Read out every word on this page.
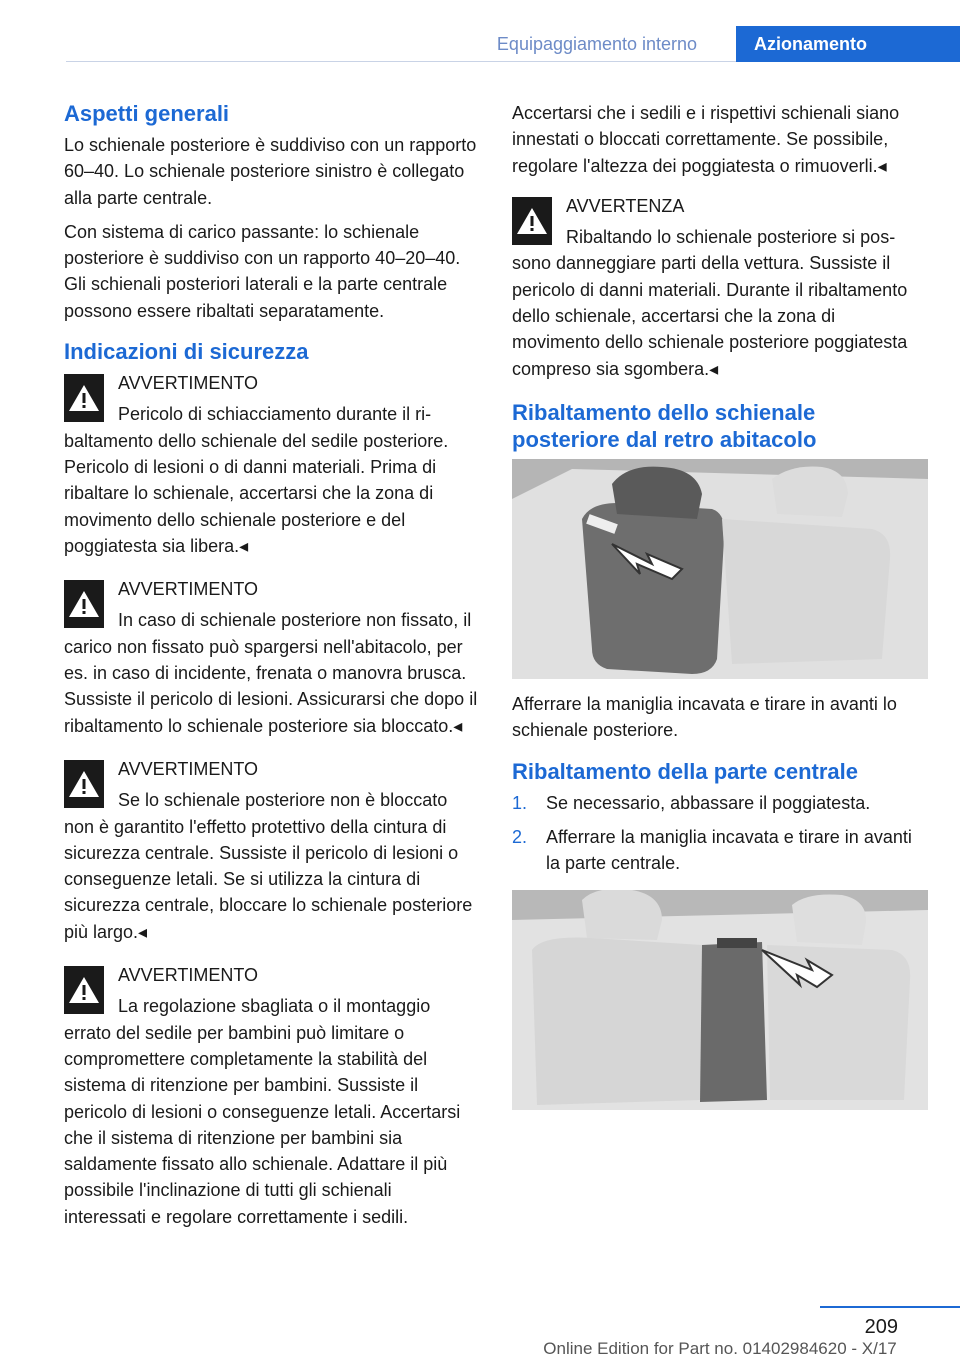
Equipaggiamento interno	Azionamento
Aspetti generali

Lo schienale posteriore è suddiviso con un rapporto 60–40. Lo schienale posteriore sinistro è collegato alla parte centrale.

Con sistema di carico passante: lo schienale posteriore è suddiviso con un rapporto 40–20–40. Gli schienali posteriori laterali e la parte centrale possono essere ribaltati separatamente.

Indicazioni di sicurezza
AVVERTIMENTO
Pericolo di schiacciamento durante il ribaltamento dello schienale del sedile posteriore. Pericolo di lesioni o di danni materiali. Prima di ribaltare lo schienale, accertarsi che la zona di movimento dello schienale posteriore e del poggiatesta sia libera.◂
AVVERTIMENTO
In caso di schienale posteriore non fissato, il carico non fissato può spargersi nell'abitacolo, per es. in caso di incidente, frenata o manovra brusca. Sussiste il pericolo di lesioni. Assicurarsi che dopo il ribaltamento lo schienale posteriore sia bloccato.◂
AVVERTIMENTO
Se lo schienale posteriore non è bloccato non è garantito l'effetto protettivo della cintura di sicurezza centrale. Sussiste il pericolo di lesioni o conseguenze letali. Se si utilizza la cintura di sicurezza centrale, bloccare lo schienale posteriore più largo.◂
AVVERTIMENTO
La regolazione sbagliata o il montaggio errato del sedile per bambini può limitare o compromettere completamente la stabilità del sistema di ritenzione per bambini. Sussiste il pericolo di lesioni o conseguenze letali. Accertarsi che il sistema di ritenzione per bambini sia saldamente fissato allo schienale. Adattare il più possibile l'inclinazione di tutti gli schienali interessati e regolare correttamente i sedili.

Accertarsi che i sedili e i rispettivi schienali siano innestati o bloccati correttamente. Se possibile, regolare l'altezza dei poggiatesta o rimuoverli.◂

AVVERTENZA
Ribaltando lo schienale posteriore si possono danneggiare parti della vettura. Sussiste il pericolo di danni materiali. Durante il ribaltamento dello schienale, accertarsi che la zona di movimento dello schienale posteriore poggiatesta compreso sia sgombera.◂
Ribaltamento dello schienale posteriore dal retro abitacolo

Afferrare la maniglia incavata e tirare in avanti lo schienale posteriore.

Ribaltamento della parte centrale
1. Se necessario, abbassare il poggiatesta.
2. Afferrare la maniglia incavata e tirare in avanti la parte centrale.
209
Online Edition for Part no. 01402984620 - X/17
